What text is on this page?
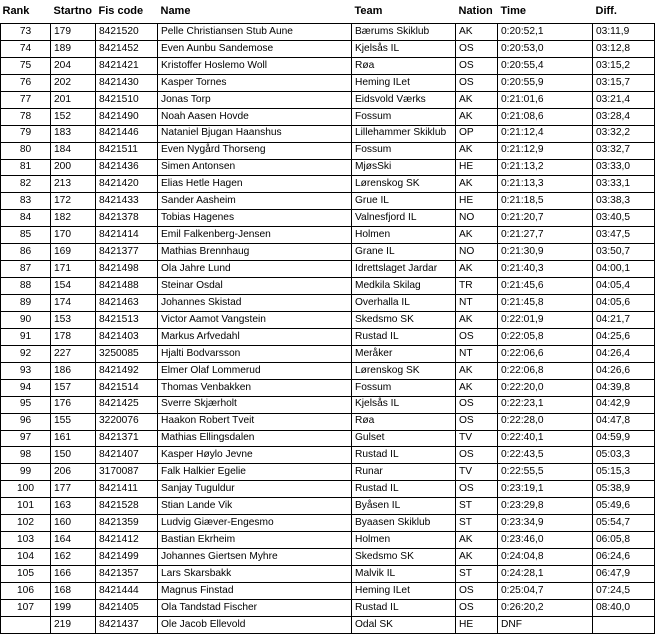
Rank	Startno	Fis code	Name	Team	Nation	Time	Diff.
73	179	8421520	Pelle Christiansen Stub Aune	Bærums Skiklub	AK	0:20:52,1	03:11,9
74	189	8421452	Even Aunbu Sandemose	Kjelsås IL	OS	0:20:53,0	03:12,8
75	204	8421421	Kristoffer Hoslemo Woll	Røa	OS	0:20:55,4	03:15,2
76	202	8421430	Kasper Tornes	Heming ILet	OS	0:20:55,9	03:15,7
77	201	8421510	Jonas Torp	Eidsvold Værks	AK	0:21:01,6	03:21,4
78	152	8421490	Noah Aasen Hovde	Fossum	AK	0:21:08,6	03:28,4
79	183	8421446	Nataniel Bjugan Haanshus	Lillehammer Skiklub	OP	0:21:12,4	03:32,2
80	184	8421511	Even Nygård Thorseng	Fossum	AK	0:21:12,9	03:32,7
81	200	8421436	Simen Antonsen	MjøsSki	HE	0:21:13,2	03:33,0
82	213	8421420	Elias Hetle Hagen	Lørenskog SK	AK	0:21:13,3	03:33,1
83	172	8421433	Sander Aasheim	Grue IL	HE	0:21:18,5	03:38,3
84	182	8421378	Tobias Hagenes	Valnesfjord IL	NO	0:21:20,7	03:40,5
85	170	8421414	Emil Falkenberg-Jensen	Holmen	AK	0:21:27,7	03:47,5
86	169	8421377	Mathias Brennhaug	Grane IL	NO	0:21:30,9	03:50,7
87	171	8421498	Ola Jahre Lund	Idrettslaget Jardar	AK	0:21:40,3	04:00,1
88	154	8421488	Steinar Osdal	Medkila Skilag	TR	0:21:45,6	04:05,4
89	174	8421463	Johannes Skistad	Overhalla IL	NT	0:21:45,8	04:05,6
90	153	8421513	Victor Aamot Vangstein	Skedsmo SK	AK	0:22:01,9	04:21,7
91	178	8421403	Markus Arfvedahl	Rustad IL	OS	0:22:05,8	04:25,6
92	227	3250085	Hjalti Bodvarsson	Meråker	NT	0:22:06,6	04:26,4
93	186	8421492	Elmer Olaf Lommerud	Lørenskog SK	AK	0:22:06,8	04:26,6
94	157	8421514	Thomas Venbakken	Fossum	AK	0:22:20,0	04:39,8
95	176	8421425	Sverre Skjærholt	Kjelsås IL	OS	0:22:23,1	04:42,9
96	155	3220076	Haakon Robert Tveit	Røa	OS	0:22:28,0	04:47,8
97	161	8421371	Mathias Ellingsdalen	Gulset	TV	0:22:40,1	04:59,9
98	150	8421407	Kasper Høylo Jevne	Rustad IL	OS	0:22:43,5	05:03,3
99	206	3170087	Falk Halkier Egelie	Runar	TV	0:22:55,5	05:15,3
100	177	8421411	Sanjay Tuguldur	Rustad IL	OS	0:23:19,1	05:38,9
101	163	8421528	Stian Lande Vik	Byåsen IL	ST	0:23:29,8	05:49,6
102	160	8421359	Ludvig Giæver-Engesmo	Byaasen Skiklub	ST	0:23:34,9	05:54,7
103	164	8421412	Bastian Ekrheim	Holmen	AK	0:23:46,0	06:05,8
104	162	8421499	Johannes Giertsen Myhre	Skedsmo SK	AK	0:24:04,8	06:24,6
105	166	8421357	Lars Skarsbakk	Malvik IL	ST	0:24:28,1	06:47,9
106	168	8421444	Magnus Finstad	Heming ILet	OS	0:25:04,7	07:24,5
107	199	8421405	Ola Tandstad Fischer	Rustad IL	OS	0:26:20,2	08:40,0
	219	8421437	Ole Jacob Ellevold	Odal SK	HE	DNF	
